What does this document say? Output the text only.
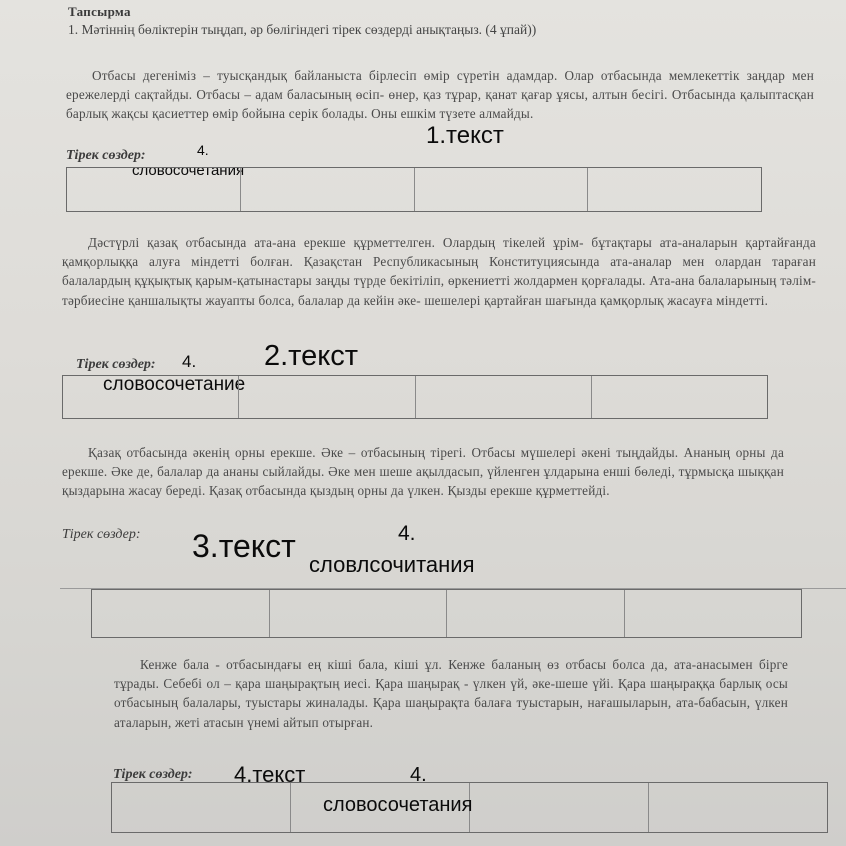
Тапсырма
1. Мәтіннің бөліктерін тыңдап, әр бөлігіндегі тірек сөздерді анықтаңыз. (4 ұпай))
Отбасы дегеніміз – туысқандық байланыста бірлесіп өмір сүретін адамдар. Олар отбасында мемлекеттік заңдар мен ережелерді сақтайды. Отбасы – адам баласының өсіп- өнер, қаз тұрар, қанат қағар ұясы, алтын бесігі. Отбасында қалыптасқан барлық жақсы қасиеттер өмір бойына серік болады. Оны ешкім түзете алмайды.
Тірек сөздер:	4.
1.текст
словосочетания
Дәстүрлі қазақ отбасында ата-ана ерекше құрметтелген. Олардың тікелей ұрім- бұтақтары ата-аналарын қартайғанда қамқорлыққа алуға міндетті болған. Қазақстан Республикасының Конституциясында ата-аналар мен олардан тараған балалардың құқықтық қарым-қатынастары заңды түрде бекітіліп, өркениетті жолдармен қорғалады. Ата-ана балаларының тәлім-тәрбиесіне қаншалықты жауапты болса, балалар да кейін әке- шешелері қартайған шағында қамқорлық жасауға міндетті.
Тірек сөздер: 4. 2.текст
словосочетание
Қазақ отбасында әкенің орны ерекше. Әке – отбасының тірегі. Отбасы мүшелері әкені тыңдайды. Ананың орны да ерекше. Әке де, балалар да ананы сыйлайды. Әке мен шеше ақылдасып, үйленген ұлдарына енші бөледі, тұрмысқа шыққан қыздарына жасау береді. Қазақ отбасында қыздың орны да үлкен. Қызды ерекше құрметтейді.
Тірек сөздер: 3.текст	4.
словлсочитания
Кенже бала - отбасындағы ең кіші бала, кіші ұл. Кенже баланың өз отбасы болса да, ата-анасымен бірге тұрады. Себебі ол – қара шаңырақтың иесі. Қара шаңырақ - үлкен үй, әке-шеше үйі. Қара шаңыраққа барлық осы отбасының балалары, туыстары жиналады. Қара шаңырақта балаға туыстарын, нағашыларын, ата-бабасын, үлкен аталарын, жеті атасын үнемі айтып отырған.
Тірек сөздер: 4.текст	4.
словосочетания
